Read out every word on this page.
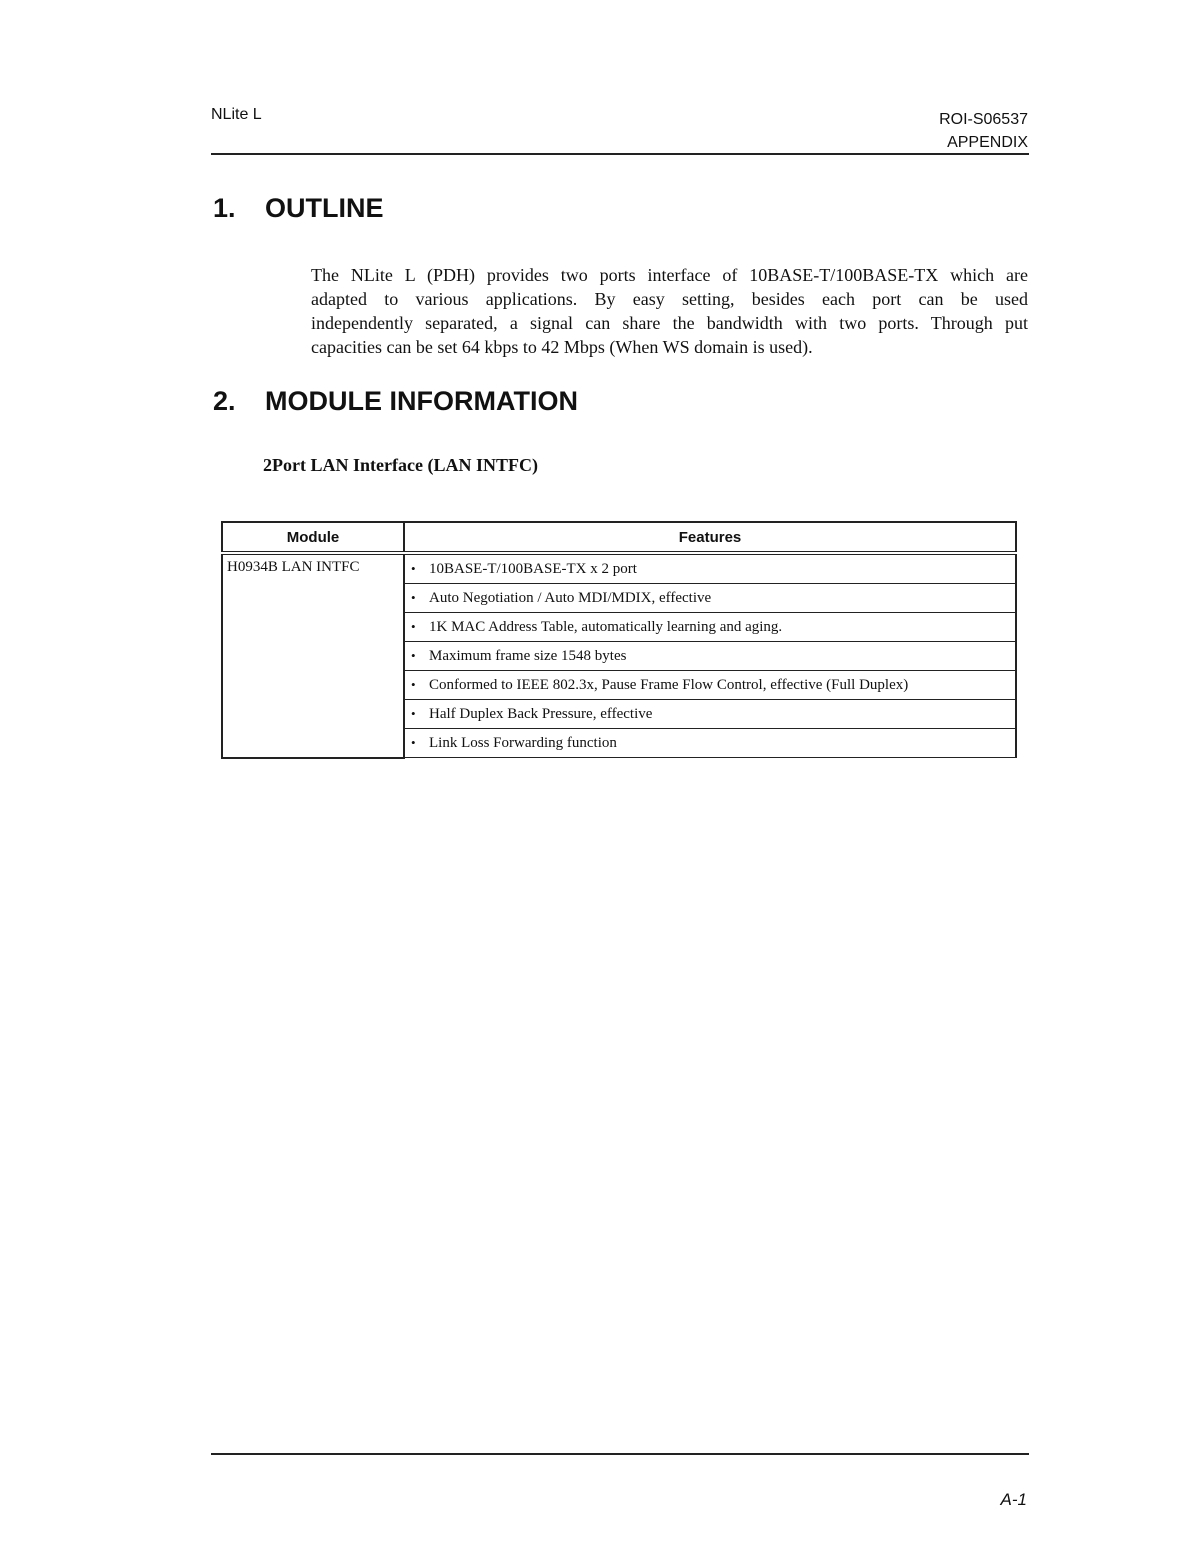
NLite L	ROI-S06537
APPENDIX
1.	OUTLINE
The NLite L (PDH) provides two ports interface of 10BASE-T/100BASE-TX which are
adapted to various applications. By easy setting, besides each port can be used
independently separated, a signal can share the bandwidth with two ports. Through put
capacities can be set 64 kbps to 42 Mbps (When WS domain is used).
2.	MODULE INFORMATION
2Port LAN Interface (LAN INTFC)
Module	Features
H0934B LAN INTFC	• 10BASE-T/100BASE-TX x 2 port
	• Auto Negotiation / Auto MDI/MDIX, effective
	• 1K MAC Address Table, automatically learning and aging.
	• Maximum frame size 1548 bytes
	• Conformed to IEEE 802.3x, Pause Frame Flow Control, effective (Full Duplex)
	• Half Duplex Back Pressure, effective
	• Link Loss Forwarding function
A-1
